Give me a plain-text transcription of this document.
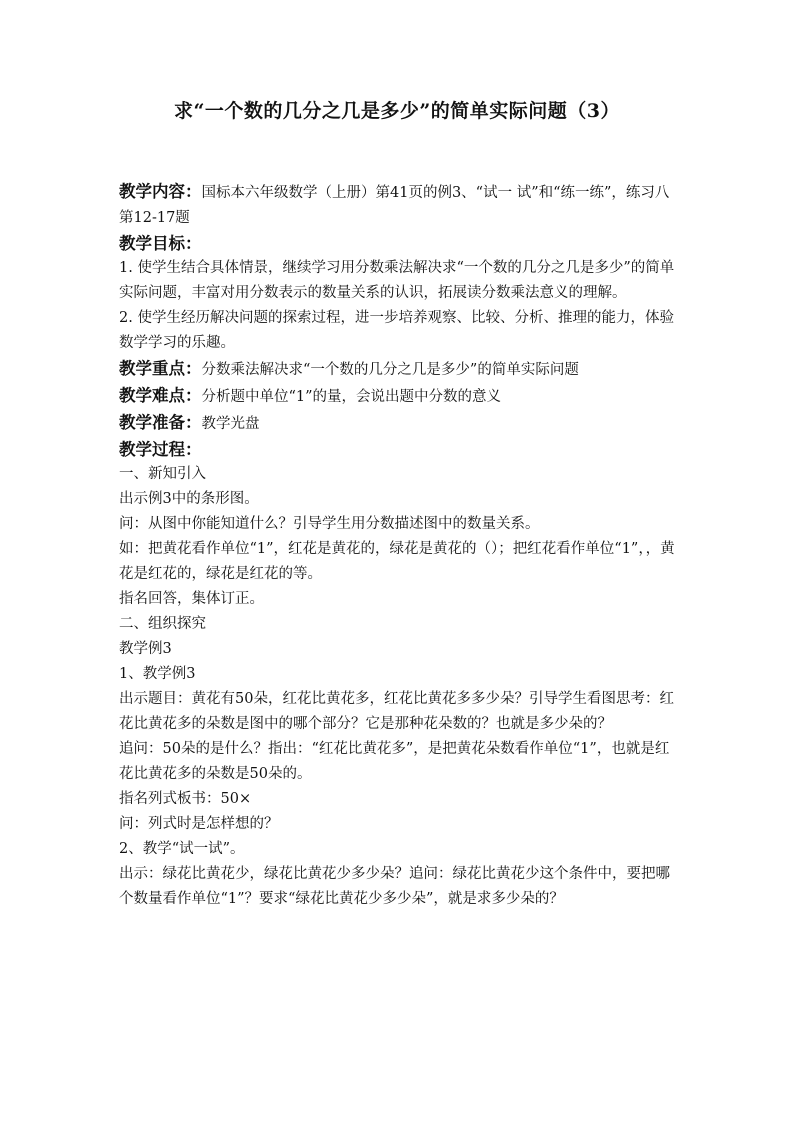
求“一个数的几分之几是多少”的简单实际问题（3）

教学内容：国标本六年级数学（上册）第41页的例3、“试一 试”和“练一练”，练习八第12-17题

教学目标：

1. 使学生结合具体情景，继续学习用分数乘法解决求“一个数的几分之几是多少”的简单实际问题，丰富对用分数表示的数量关系的认识，拓展读分数乘法意义的理解。

2. 使学生经历解决问题的探索过程，进一步培养观察、比较、分析、推理的能力，体验数学学习的乐趣。

教学重点：分数乘法解决求“一个数的几分之几是多少”的简单实际问题

教学难点：分析题中单位“1”的量，会说出题中分数的意义

教学准备：教学光盘

教学过程：

一、新知引入

出示例3中的条形图。

问：从图中你能知道什么？引导学生用分数描述图中的数量关系。

如：把黄花看作单位“1”，红花是黄花的，绿花是黄花的（）；把红花看作单位“1”，，黄花是红花的，绿花是红花的等。

指名回答，集体订正。

二、组织探究

教学例3

1、教学例3

出示题目：黄花有50朵，红花比黄花多，红花比黄花多多少朵？引导学生看图思考：红花比黄花多的朵数是图中的哪个部分？它是那种花朵数的？也就是多少朵的？

追问：50朵的是什么？指出：“红花比黄花多”，是把黄花朵数看作单位“1”，也就是红花比黄花多的朵数是50朵的。

指名列式板书：50×

问：列式时是怎样想的？

2、教学“试一试”。

出示：绿花比黄花少，绿花比黄花少多少朵？追问：绿花比黄花少这个条件中，要把哪个数量看作单位“1”？要求“绿花比黄花少多少朵”，就是求多少朵的？
